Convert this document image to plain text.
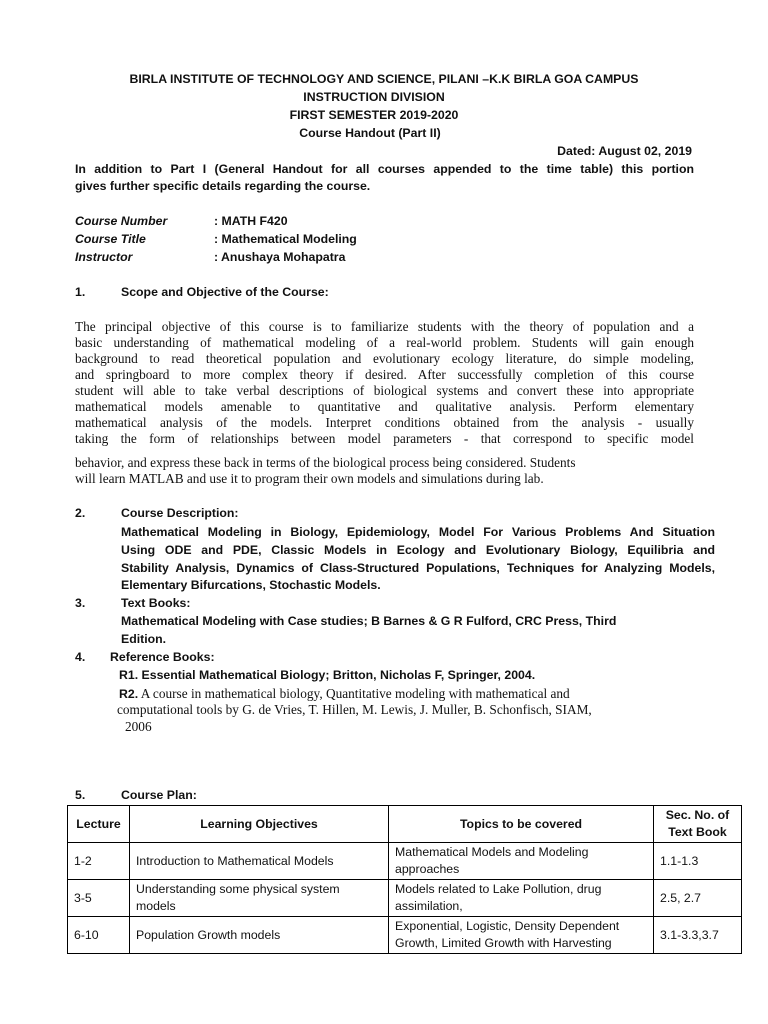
BIRLA INSTITUTE OF TECHNOLOGY AND SCIENCE, PILANI –K.K BIRLA GOA CAMPUS
INSTRUCTION DIVISION
FIRST SEMESTER 2019-2020
Course Handout (Part II)
Dated: August 02, 2019
In addition to Part I (General Handout for all courses appended to the time table) this portion
gives further specific details regarding the course.
Course Number	: MATH F420
Course Title	: Mathematical Modeling
Instructor	: Anushaya Mohapatra
1.	Scope and Objective of the Course:
The principal objective of this course is to familiarize students with the theory of population and a
basic understanding of mathematical modeling of a real-world problem. Students will gain enough
background to read theoretical population and evolutionary ecology literature, do simple modeling,
and springboard to more complex theory if desired. After successfully completion of this course
student will able to take verbal descriptions of biological systems and convert these into appropriate
mathematical models amenable to quantitative and qualitative analysis. Perform elementary
mathematical analysis of the models. Interpret conditions obtained from the analysis - usually
taking the form of relationships between model parameters - that correspond to specific model
behavior, and express these back in terms of the biological process being considered. Students
will learn MATLAB and use it to program their own models and simulations during lab.
2.	Course Description:
Mathematical Modeling in Biology, Epidemiology, Model For Various Problems And Situation
Using ODE and PDE, Classic Models in Ecology and Evolutionary Biology, Equilibria and
Stability Analysis, Dynamics of Class-Structured Populations, Techniques for Analyzing Models,
Elementary Bifurcations, Stochastic Models.
3.	Text Books:
Mathematical Modeling with Case studies; B Barnes & G R Fulford, CRC Press, Third
Edition.
4. Reference Books:
R1. Essential Mathematical Biology; Britton, Nicholas F, Springer, 2004.
R2. A course in mathematical biology, Quantitative modeling with mathematical and
computational tools by G. de Vries, T. Hillen, M. Lewis, J. Muller, B. Schonfisch, SIAM,
2006
5.	Course Plan:
Lecture	Learning Objectives	Topics to be covered	Sec. No. of
Text Book

1-2	Introduction to Mathematical Models	Mathematical Models and Modeling approaches	1.1-1.3
3-5	Understanding some physical system models	Models related to Lake Pollution, drug assimilation,	2.5, 2.7
6-10	Population Growth models	Exponential, Logistic, Density Dependent Growth, Limited Growth with Harvesting	3.1-3.3,3.7
